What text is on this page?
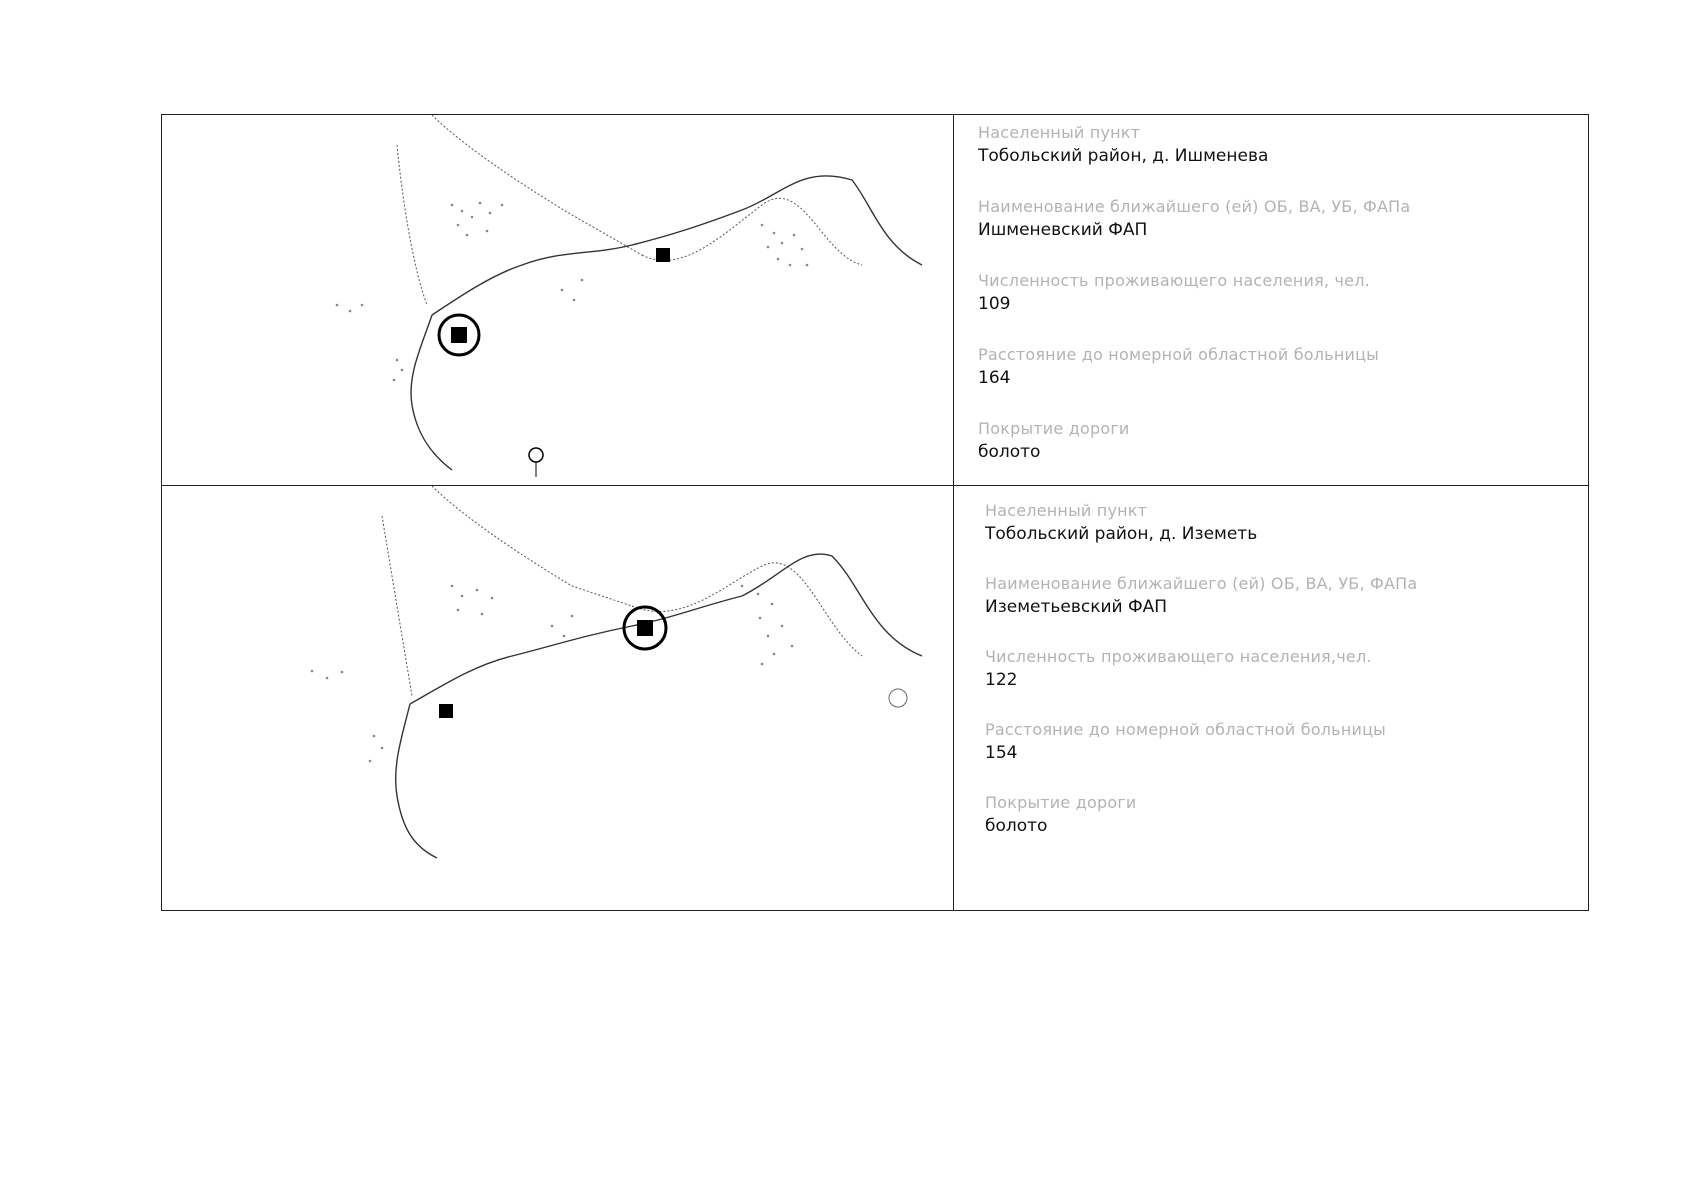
Населенный пункт
Тобольский район, д. Ишменева
Наименование ближайшего (ей) ОБ, ВА, УБ, ФАПа
Ишменевский ФАП
Численность проживающего населения, чел.
109
Расстояние до номерной областной больницы
164
Покрытие дороги
болото
Населенный пункт
Тобольский район, д. Иземеть
Наименование ближайшего (ей) ОБ, ВА, УБ, ФАПа
Иземетьевский ФАП
Численность проживающего населения,чел.
122
Расстояние до номерной областной больницы
154
Покрытие дороги
болото
